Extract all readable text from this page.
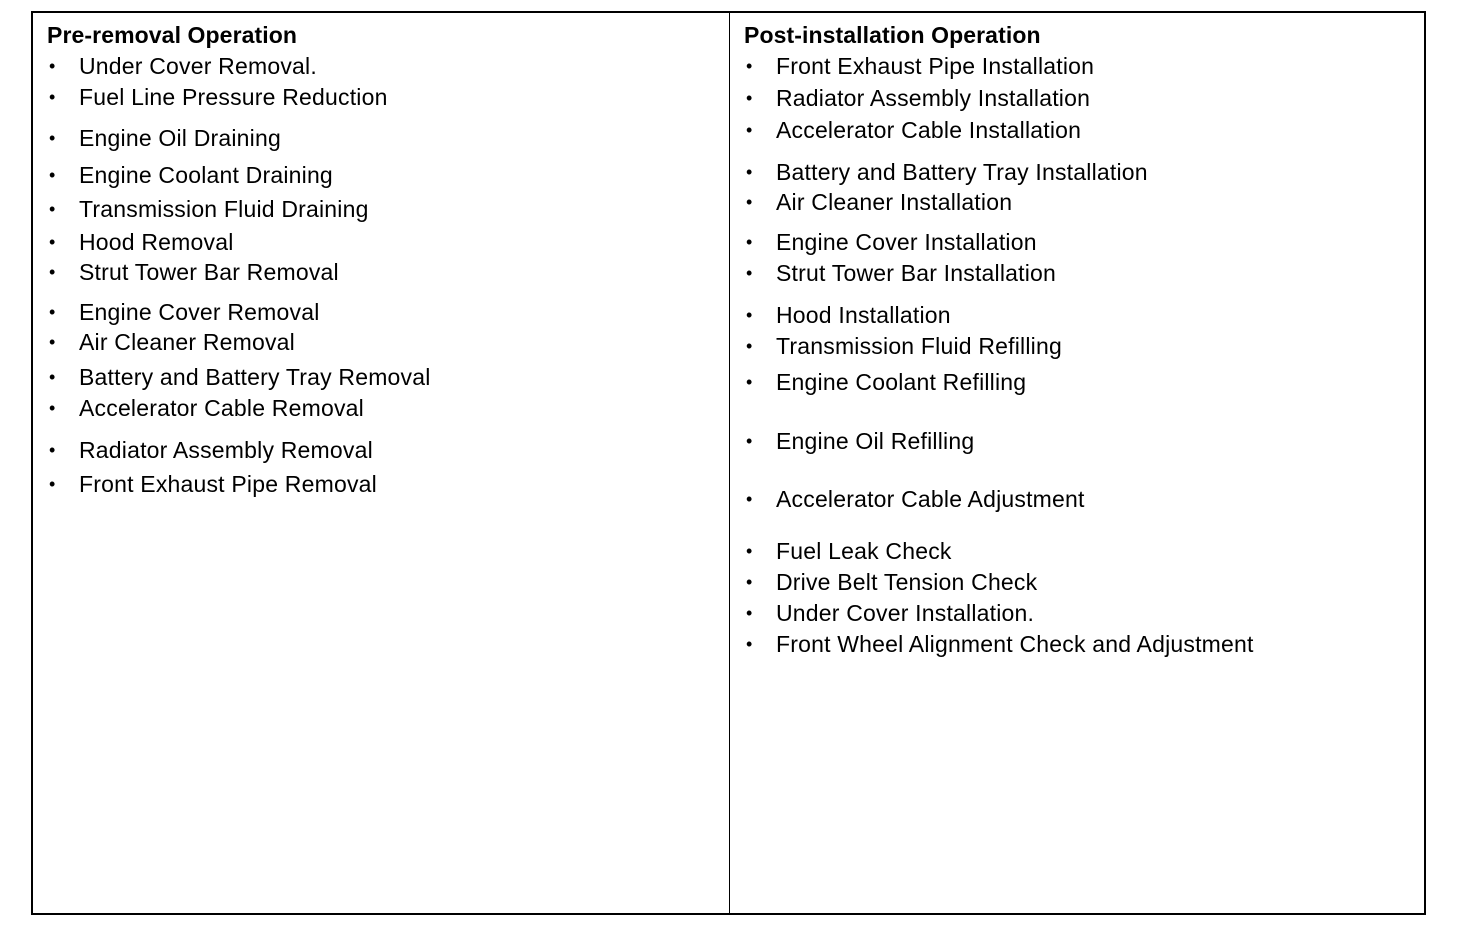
Pre-removal Operation
•	Under Cover Removal.
•	Fuel Line Pressure Reduction
•	Engine Oil Draining
•	Engine Coolant Draining
•	Transmission Fluid Draining
•	Hood Removal
•	Strut Tower Bar Removal
•	Engine Cover Removal
•	Air Cleaner Removal
•	Battery and Battery Tray Removal
•	Accelerator Cable Removal
•	Radiator Assembly Removal
•	Front Exhaust Pipe Removal
Post-installation Operation
•	Front Exhaust Pipe Installation
•	Radiator Assembly Installation
•	Accelerator Cable Installation
•	Battery and Battery Tray Installation
•	Air Cleaner Installation
•	Engine Cover Installation
•	Strut Tower Bar Installation
•	Hood Installation
•	Transmission Fluid Refilling
•	Engine Coolant Refilling
•	Engine Oil Refilling
•	Accelerator Cable Adjustment
•	Fuel Leak Check
•	Drive Belt Tension Check
•	Under Cover Installation.
•	Front Wheel Alignment Check and Adjustment
